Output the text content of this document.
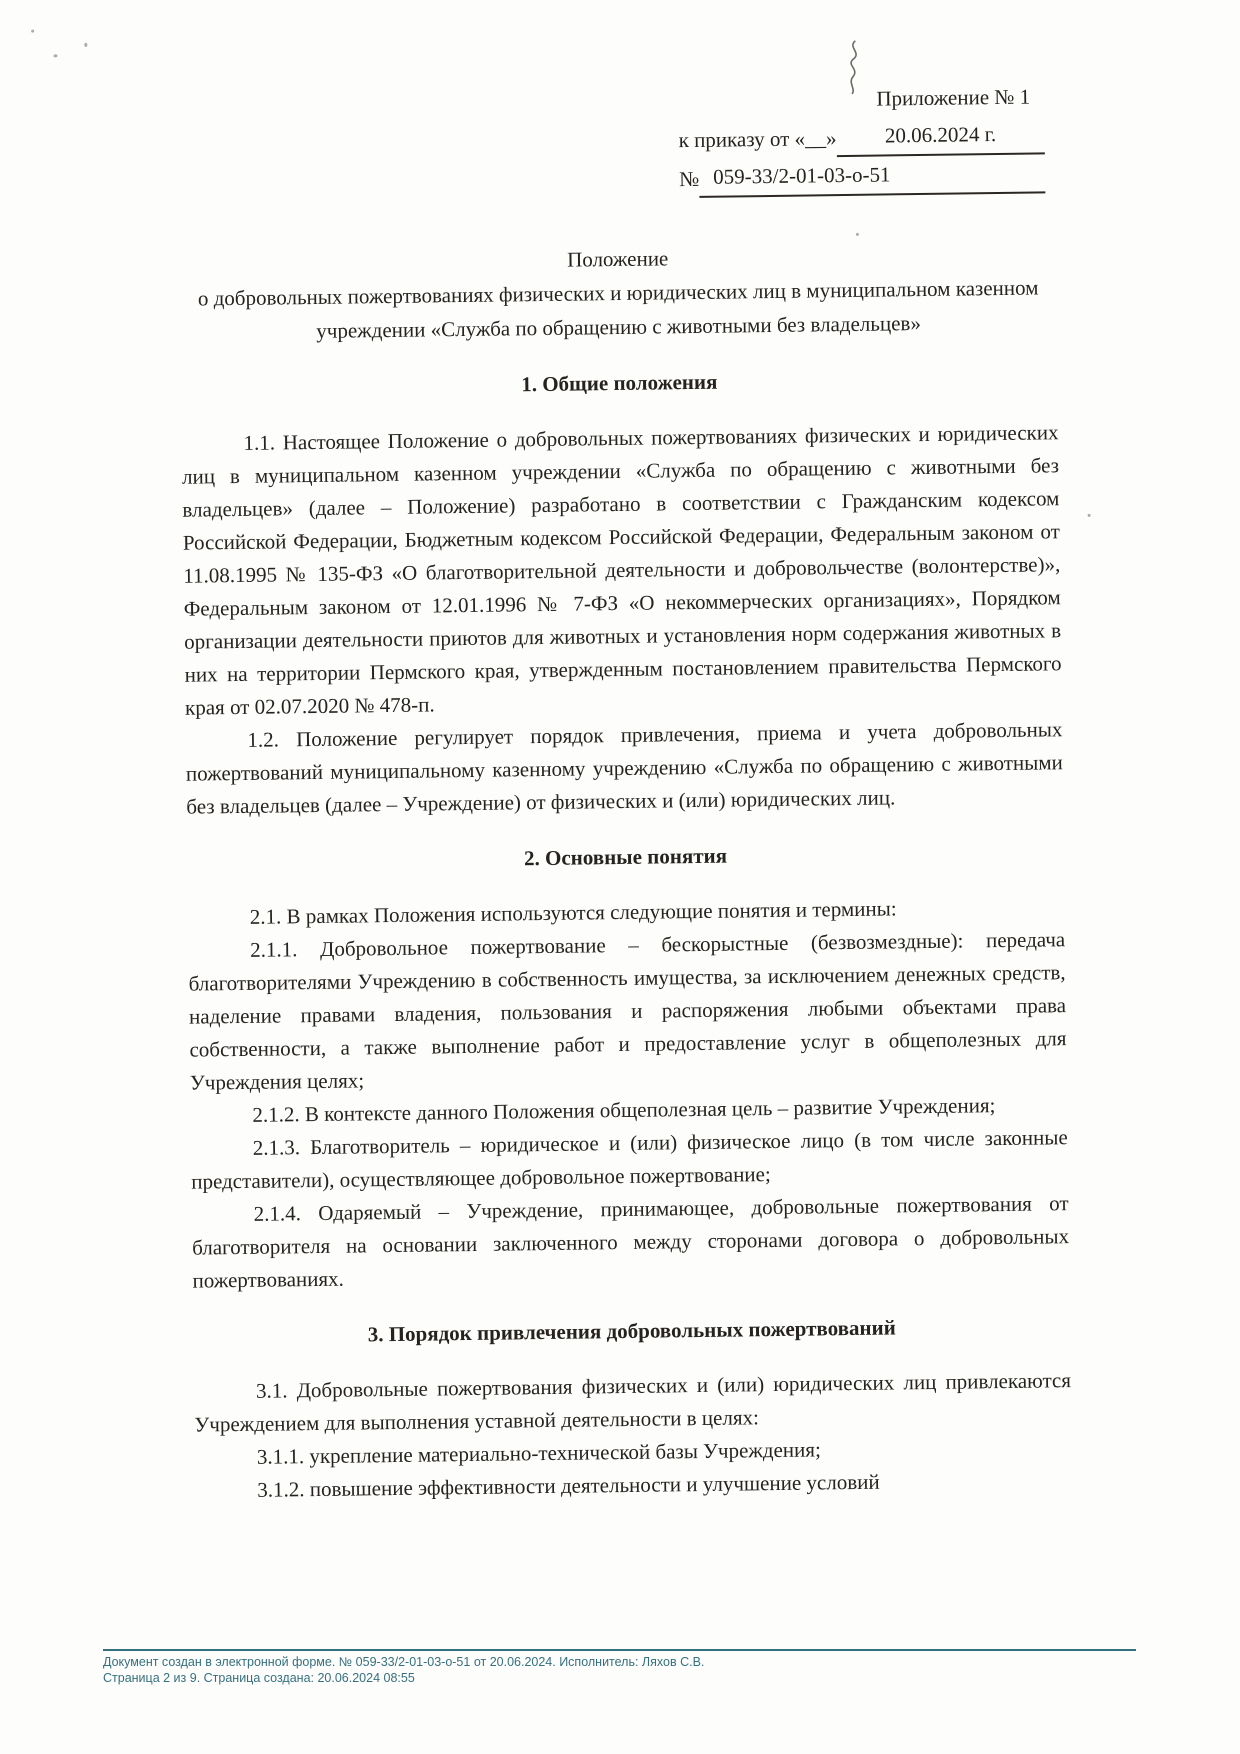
Приложение № 1
к приказу от «__»	20.06.2024 г.
№ 059-33/2-01-03-о-51
Положение
о добровольных пожертвованиях физических и юридических лиц в муниципальном казенном учреждении «Служба по обращению с животными без владельцев»
1. Общие положения

1.1. Настоящее Положение о добровольных пожертвованиях физических и юридических лиц в муниципальном казенном учреждении «Служба по обращению с животными без владельцев» (далее – Положение) разработано в соответствии с Гражданским кодексом Российской Федерации, Бюджетным кодексом Российской Федерации, Федеральным законом от 11.08.1995 № 135-ФЗ «О благотворительной деятельности и добровольчестве (волонтерстве)», Федеральным законом от 12.01.1996 № 7-ФЗ «О некоммерческих организациях», Порядком организации деятельности приютов для животных и установления норм содержания животных в них на территории Пермского края, утвержденным постановлением правительства Пермского края от 02.07.2020 № 478-п.

1.2. Положение регулирует порядок привлечения, приема и учета добровольных пожертвований муниципальному казенному учреждению «Служба по обращению с животными без владельцев (далее – Учреждение) от физических и (или) юридических лиц.

2. Основные понятия

2.1. В рамках Положения используются следующие понятия и термины:

2.1.1. Добровольное пожертвование – бескорыстные (безвозмездные): передача благотворителями Учреждению в собственность имущества, за исключением денежных средств, наделение правами владения, пользования и распоряжения любыми объектами права собственности, а также выполнение работ и предоставление услуг в общеполезных для Учреждения целях;

2.1.2. В контексте данного Положения общеполезная цель – развитие Учреждения;

2.1.3. Благотворитель – юридическое и (или) физическое лицо (в том числе законные представители), осуществляющее добровольное пожертвование;

2.1.4. Одаряемый – Учреждение, принимающее, добровольные пожертвования от благотворителя на основании заключенного между сторонами договора о добровольных пожертвованиях.

3. Порядок привлечения добровольных пожертвований

3.1. Добровольные пожертвования физических и (или) юридических лиц привлекаются Учреждением для выполнения уставной деятельности в целях:

3.1.1. укрепление материально-технической базы Учреждения;

3.1.2. повышение эффективности деятельности и улучшение условий

Документ создан в электронной форме. № 059-33/2-01-03-о-51 от 20.06.2024. Исполнитель: Ляхов С.В.
Страница 2 из 9. Страница создана: 20.06.2024 08:55
